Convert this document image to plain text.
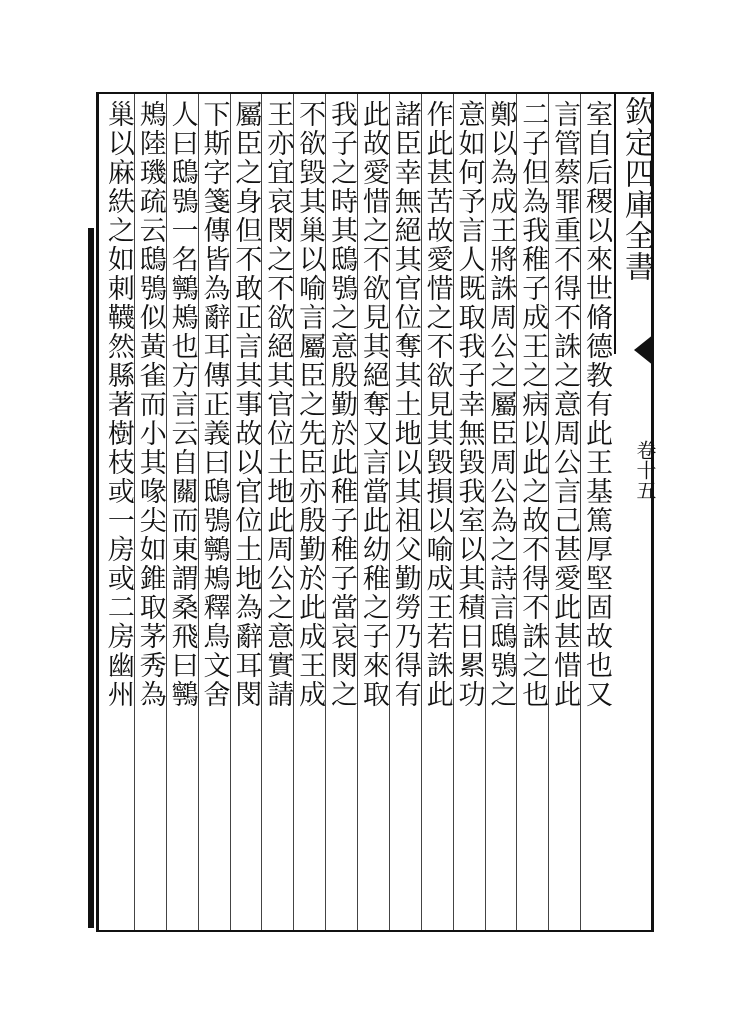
欽定四庫全書
卷十五
室自后稷以來世脩德教有此王基篤厚堅固故也又
言管蔡罪重不得不誅之意周公言己甚愛此甚惜此
二子但為我稚子成王之病以此之故不得不誅之也
鄭以為成王將誅周公之屬臣周公為之詩言鴟鴞之
意如何予言人既取我子幸無毀我室以其積日累功
作此甚苦故愛惜之不欲見其毀損以喻成王若誅此
諸臣幸無絕其官位奪其土地以其祖父勤勞乃得有
此故愛惜之不欲見其絕奪又言當此幼稚之子來取
我子之時其鴟鴞之意殷勤於此稚子稚子當哀閔之
不欲毀其巢以喻言屬臣之先臣亦殷勤於此成王成
王亦宜哀閔之不欲絕其官位土地此周公之意實請
屬臣之身但不敢正言其事故以官位土地為辭耳閔
下斯字箋傳皆為辭耳傳正義曰鴟鴞鸋鴂釋鳥文舍
人曰鴟鴞一名鸋鴂也方言云自關而東謂桑飛曰鸋
鴂陸璣疏云鴟鴞似黃雀而小其喙尖如錐取茅秀為
巢以麻紩之如刺韈然縣著樹枝或一房或二房幽州
